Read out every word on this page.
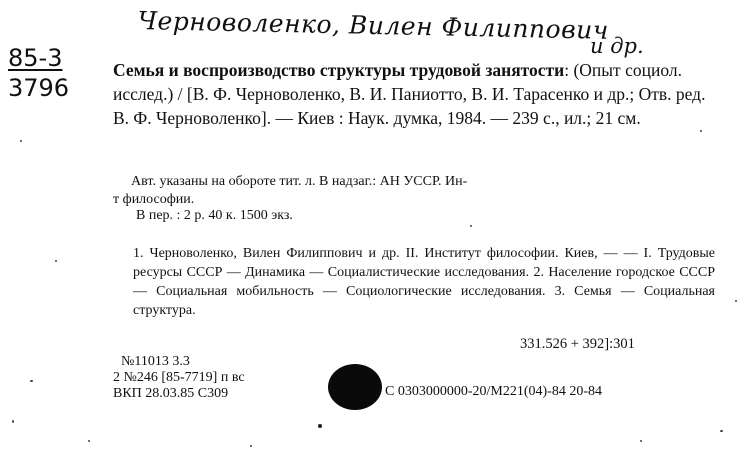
Черноволенко, Вилен Филиппович
и др.
85-3
3796
Семья и воспроизводство структуры трудовой занятости: (Опыт социол. исслед.) / [В. Ф. Черноволенко, В. И. Паниотто, В. И. Тарасенко и др.; Отв. ред. В. Ф. Черноволенко]. — Киев : Наук. думка, 1984. — 239 с., ил.; 21 см.
Авт. указаны на обороте тит. л. В надзаг.: АН УССР. Ин-
т философии.
В пер. : 2 р. 40 к. 1500 экз.
1. Черноволенко, Вилен Филиппович и др. II. Институт философии. Киев, — — I. Трудовые ресурсы СССР — Динамика — Социалистические исследования. 2. Население городское СССР — Социальная мобильность — Социологические исследования. 3. Семья — Социальная структура.
331.526 + 392]:301
№11013 3.3
2 №246 [85-7719] п вс
ВКП 28.03.85 С309	С 0303000000-20/М221(04)-84 20-84
